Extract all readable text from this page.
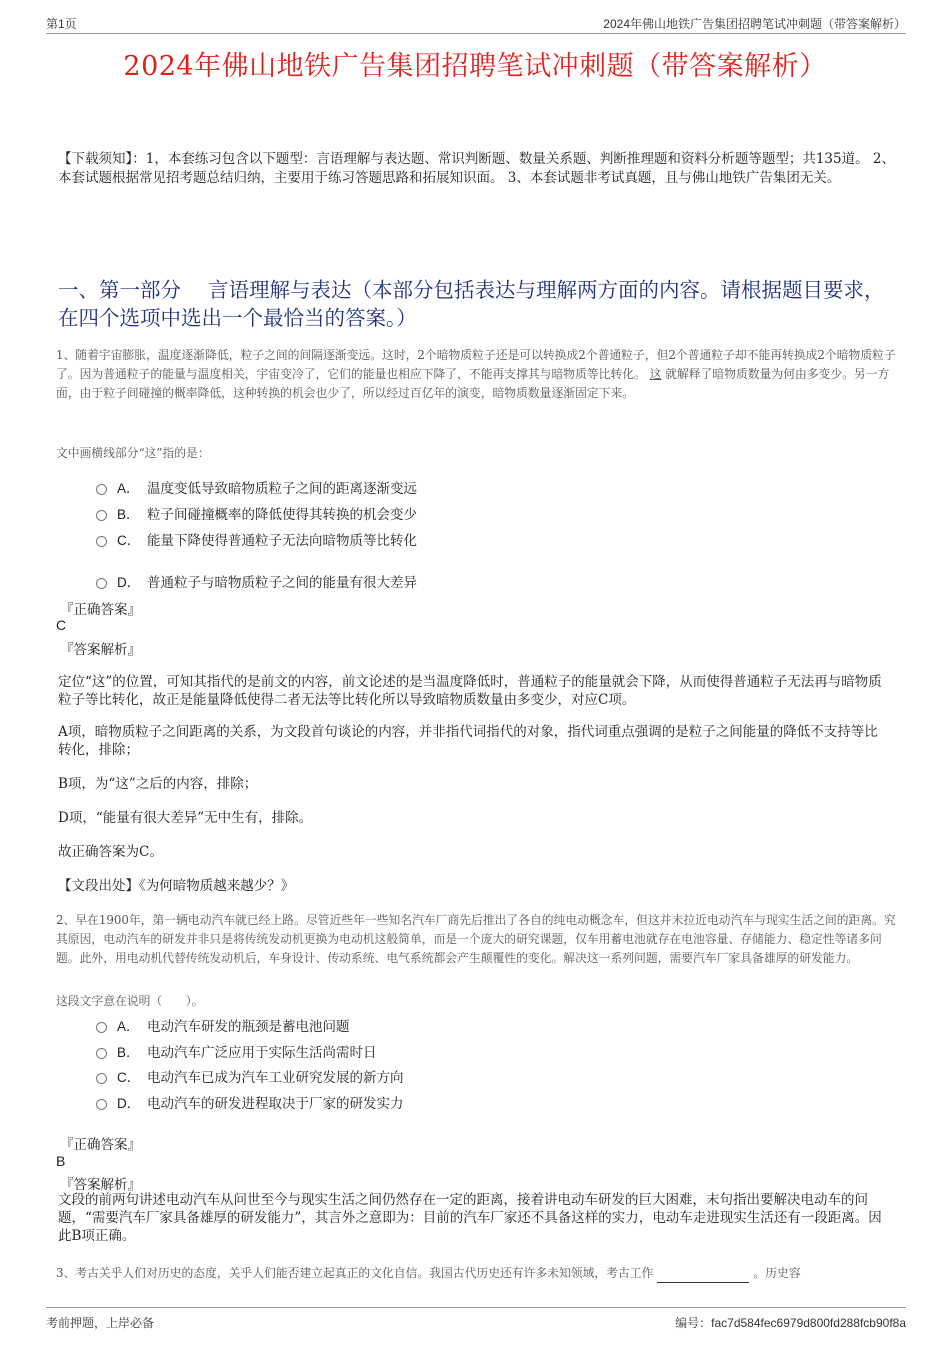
第1页	2024年佛山地铁广告集团招聘笔试冲刺题（带答案解析）
2024年佛山地铁广告集团招聘笔试冲刺题（带答案解析）
【下载须知】：1，本套练习包含以下题型：言语理解与表达题、常识判断题、数量关系题、判断推理题和资料分析题等题型；共135道。 2、本套试题根据常见招考题总结归纳，主要用于练习答题思路和拓展知识面。 3、本套试题非考试真题，且与佛山地铁广告集团无关。
一、第一部分　 言语理解与表达（本部分包括表达与理解两方面的内容。请根据题目要求，在四个选项中选出一个最恰当的答案。）
1、随着宇宙膨胀，温度逐渐降低，粒子之间的间隔逐渐变远。这时，2个暗物质粒子还是可以转换成2个普通粒子，但2个普通粒子却不能再转换成2个暗物质粒子了。因为普通粒子的能量与温度相关，宇宙变冷了，它们的能量也相应下降了，不能再支撑其与暗物质等比转化。 这 就解释了暗物质数量为何由多变少。另一方面，由于粒子间碰撞的概率降低，这种转换的机会也少了，所以经过百亿年的演变，暗物质数量逐渐固定下来。
文中画横线部分“这”指的是：
A． 温度变低导致暗物质粒子之间的距离逐渐变远
B． 粒子间碰撞概率的降低使得其转换的机会变少
C． 能量下降使得普通粒子无法向暗物质等比转化
D． 普通粒子与暗物质粒子之间的能量有很大差异
『正确答案』
C
『答案解析』
定位“这”的位置，可知其指代的是前文的内容，前文论述的是当温度降低时，普通粒子的能量就会下降，从而使得普通粒子无法再与暗物质粒子等比转化，故正是能量降低使得二者无法等比转化所以导致暗物质数量由多变少，对应C项。
A项，暗物质粒子之间距离的关系，为文段首句谈论的内容，并非指代词指代的对象，指代词重点强调的是粒子之间能量的降低不支持等比转化，排除；
B项，为“这”之后的内容，排除；
D项，“能量有很大差异”无中生有，排除。
故正确答案为C。
【文段出处】《为何暗物质越来越少？》
2、早在1900年，第一辆电动汽车就已经上路。尽管近些年一些知名汽车厂商先后推出了各自的纯电动概念车，但这并未拉近电动汽车与现实生活之间的距离。究其原因，电动汽车的研发并非只是将传统发动机更换为电动机这般简单，而是一个庞大的研究课题，仅车用蓄电池就存在电池容量、存储能力、稳定性等诸多问题。此外，用电动机代替传统发动机后，车身设计、传动系统、电气系统都会产生颠覆性的变化。解决这一系列问题，需要汽车厂家具备雄厚的研发能力。
这段文字意在说明（　　）。
A． 电动汽车研发的瓶颈是蓄电池问题
B． 电动汽车广泛应用于实际生活尚需时日
C． 电动汽车已成为汽车工业研究发展的新方向
D． 电动汽车的研发进程取决于厂家的研发实力
『正确答案』
B
『答案解析』
文段的前两句讲述电动汽车从问世至今与现实生活之间仍然存在一定的距离，接着讲电动车研发的巨大困难，末句指出要解决电动车的问题，“需要汽车厂家具备雄厚的研发能力”，其言外之意即为：目前的汽车厂家还不具备这样的实力，电动车走进现实生活还有一段距离。因此B项正确。
3、考古关乎人们对历史的态度，关乎人们能否建立起真正的文化自信。我国古代历史还有许多未知领域，考古工作	。历史容
考前押题，上岸必备	编号：fac7d584fec6979d800fd288fcb90f8a
